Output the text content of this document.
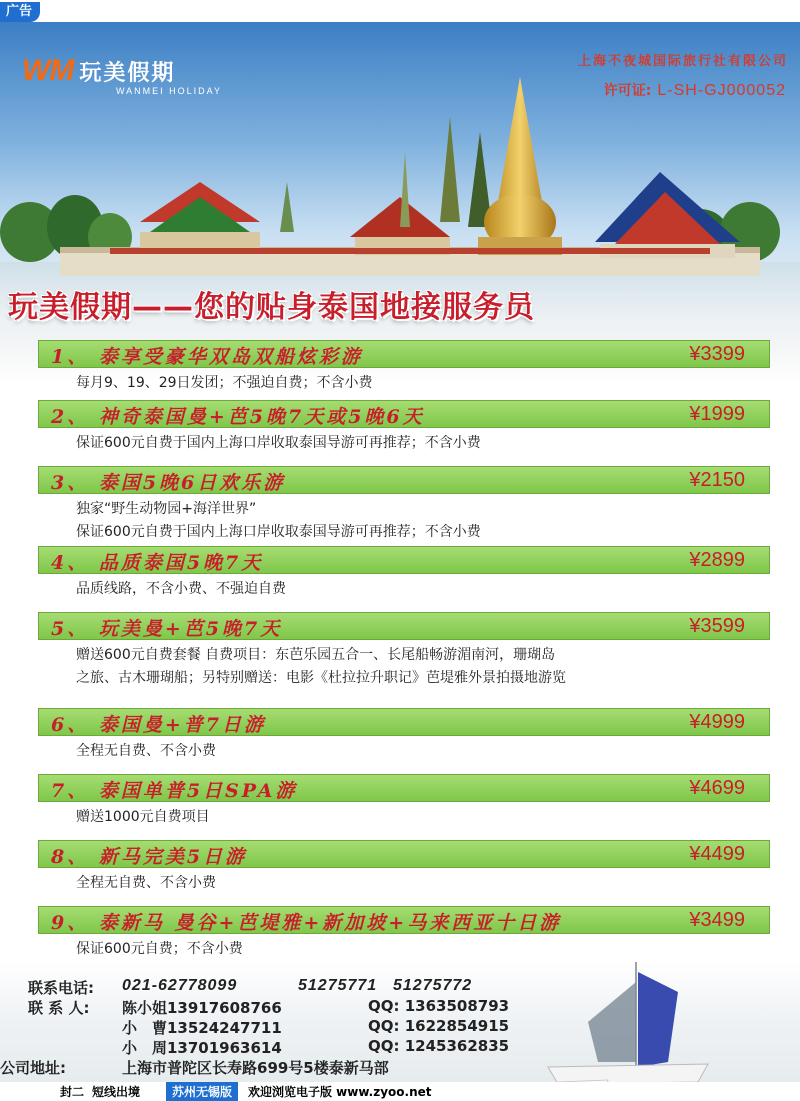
广告
WM 玩美假期
WANMEI HOLIDAY
上海不夜城国际旅行社有限公司
许可证: L-SH-GJ000052
玩美假期——您的贴身泰国地接服务员
1、 泰享受豪华双岛双船炫彩游	¥3399
每月9、19、29日发团；不强迫自费；不含小费
2、 神奇泰国曼+芭5晚7天或5晚6天	¥1999
保证600元自费于国内上海口岸收取泰国导游可再推荐；不含小费
3、 泰国5晚6日欢乐游	¥2150
独家“野生动物园+海洋世界”
保证600元自费于国内上海口岸收取泰国导游可再推荐；不含小费
4、 品质泰国5晚7天	¥2899
品质线路，不含小费、不强迫自费
5、 玩美曼+芭5晚7天	¥3599
赠送600元自费套餐 自费项目：东芭乐园五合一、长尾船畅游湄南河，珊瑚岛
之旅、古木珊瑚船；另特别赠送：电影《杜拉拉升职记》芭堤雅外景拍摄地游览
6、 泰国曼+普7日游	¥4999
全程无自费、不含小费
7、 泰国单普5日SPA游	¥4699
赠送1000元自费项目
8、 新马完美5日游	¥4499
全程无自费、不含小费
9、 泰新马 曼谷+芭堤雅+新加坡+马来西亚十日游	¥3499
保证600元自费；不含小费
联系电话: 021-62778099	51275771 51275772
联 系 人: 陈小姐13917608766	QQ: 1363508793
小　曹13524247711	QQ: 1622854915
小　周13701963614	QQ: 1245362835
公司地址:	上海市普陀区长寿路699号5楼泰新马部
封二 短线出境	苏州无锡版	欢迎浏览电子版 www.zyoo.net
